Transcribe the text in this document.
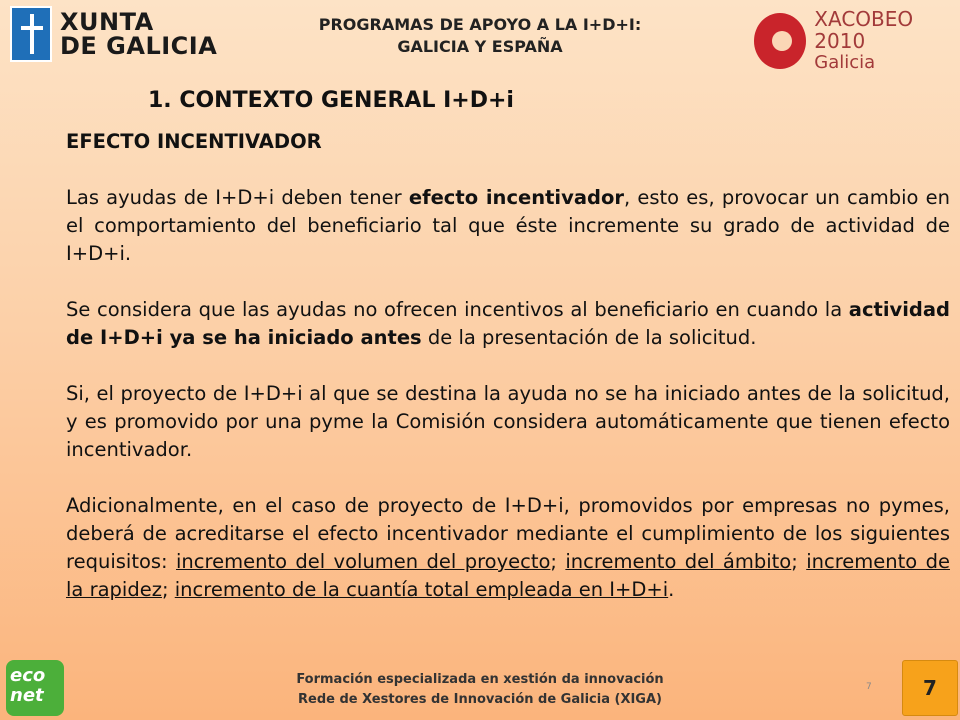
XUNTA
DE GALICIA
PROGRAMAS DE APOYO A LA I+D+I:
GALICIA Y ESPAÑA
XACOBEO 2010
Galicia
1. CONTEXTO GENERAL I+D+i

EFECTO INCENTIVADOR

Las ayudas de I+D+i deben tener efecto incentivador, esto es, provocar un cambio en el comportamiento del beneficiario tal que éste incremente su grado de actividad de I+D+i.

Se considera que las ayudas no ofrecen incentivos al beneficiario en cuando la actividad de I+D+i ya se ha iniciado antes de la presentación de la solicitud.

Si, el proyecto de I+D+i al que se destina la ayuda no se ha iniciado antes de la solicitud, y es promovido por una pyme la Comisión considera automáticamente que tienen efecto incentivador.

Adicionalmente, en el caso de proyecto de I+D+i, promovidos por empresas no pymes, deberá de acreditarse el efecto incentivador mediante el cumplimiento de los siguientes requisitos: incremento del volumen del proyecto; incremento del ámbito; incremento de la rapidez; incremento de la cuantía total empleada en I+D+i.

eco
net
Formación especializada en xestión da innovación
Rede de Xestores de Innovación de Galicia (XIGA)
7	7
